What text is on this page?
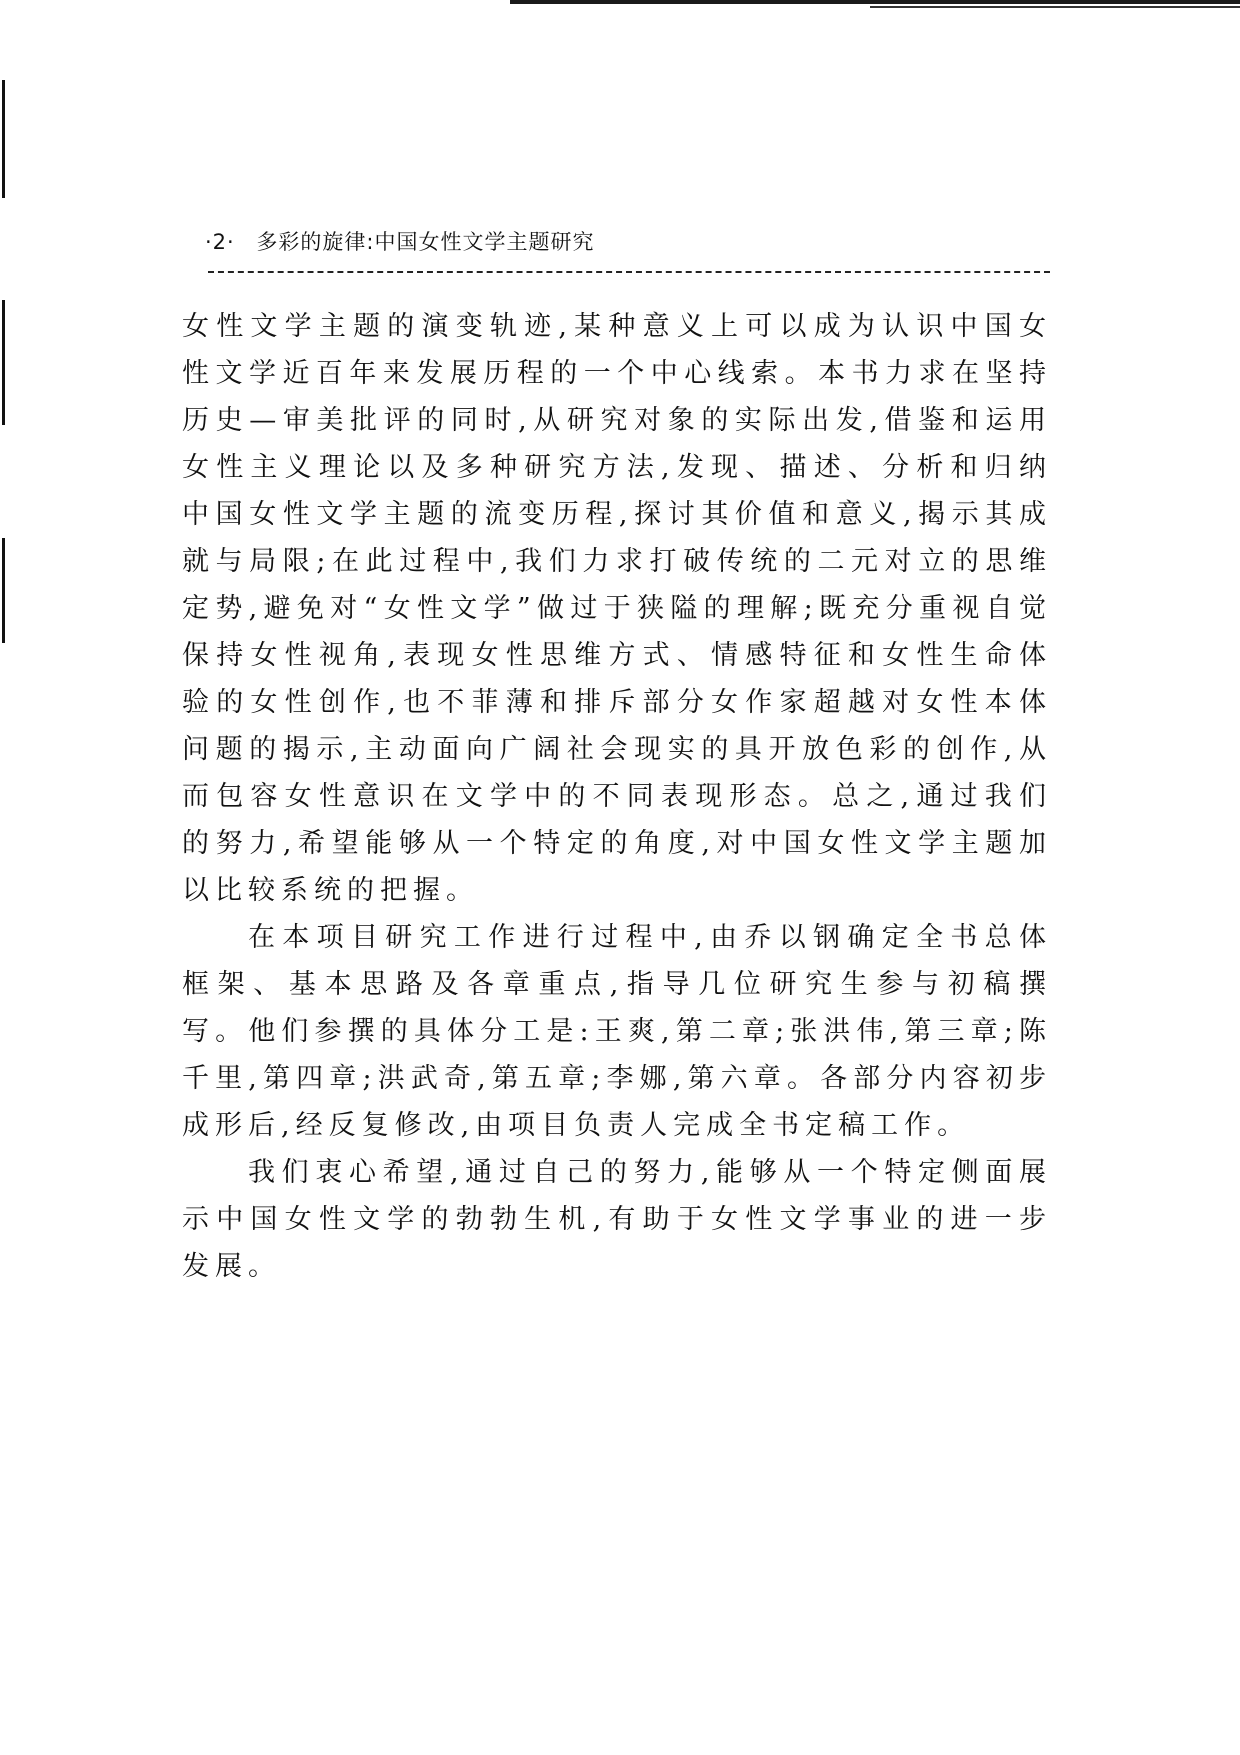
·2· 多彩的旋律:中国女性文学主题研究

女性文学主题的演变轨迹,某种意义上可以成为认识中国女性文学近百年来发展历程的一个中心线索。本书力求在坚持历史—审美批评的同时,从研究对象的实际出发,借鉴和运用女性主义理论以及多种研究方法,发现、描述、分析和归纳中国女性文学主题的流变历程,探讨其价值和意义,揭示其成就与局限;在此过程中,我们力求打破传统的二元对立的思维定势,避免对“女性文学”做过于狭隘的理解;既充分重视自觉保持女性视角,表现女性思维方式、情感特征和女性生命体验的女性创作,也不菲薄和排斥部分女作家超越对女性本体问题的揭示,主动面向广阔社会现实的具开放色彩的创作,从而包容女性意识在文学中的不同表现形态。总之,通过我们的努力,希望能够从一个特定的角度,对中国女性文学主题加以比较系统的把握。

在本项目研究工作进行过程中,由乔以钢确定全书总体框架、基本思路及各章重点,指导几位研究生参与初稿撰写。他们参撰的具体分工是:王爽,第二章;张洪伟,第三章;陈千里,第四章;洪武奇,第五章;李娜,第六章。各部分内容初步成形后,经反复修改,由项目负责人完成全书定稿工作。

我们衷心希望,通过自己的努力,能够从一个特定侧面展示中国女性文学的勃勃生机,有助于女性文学事业的进一步发展。
